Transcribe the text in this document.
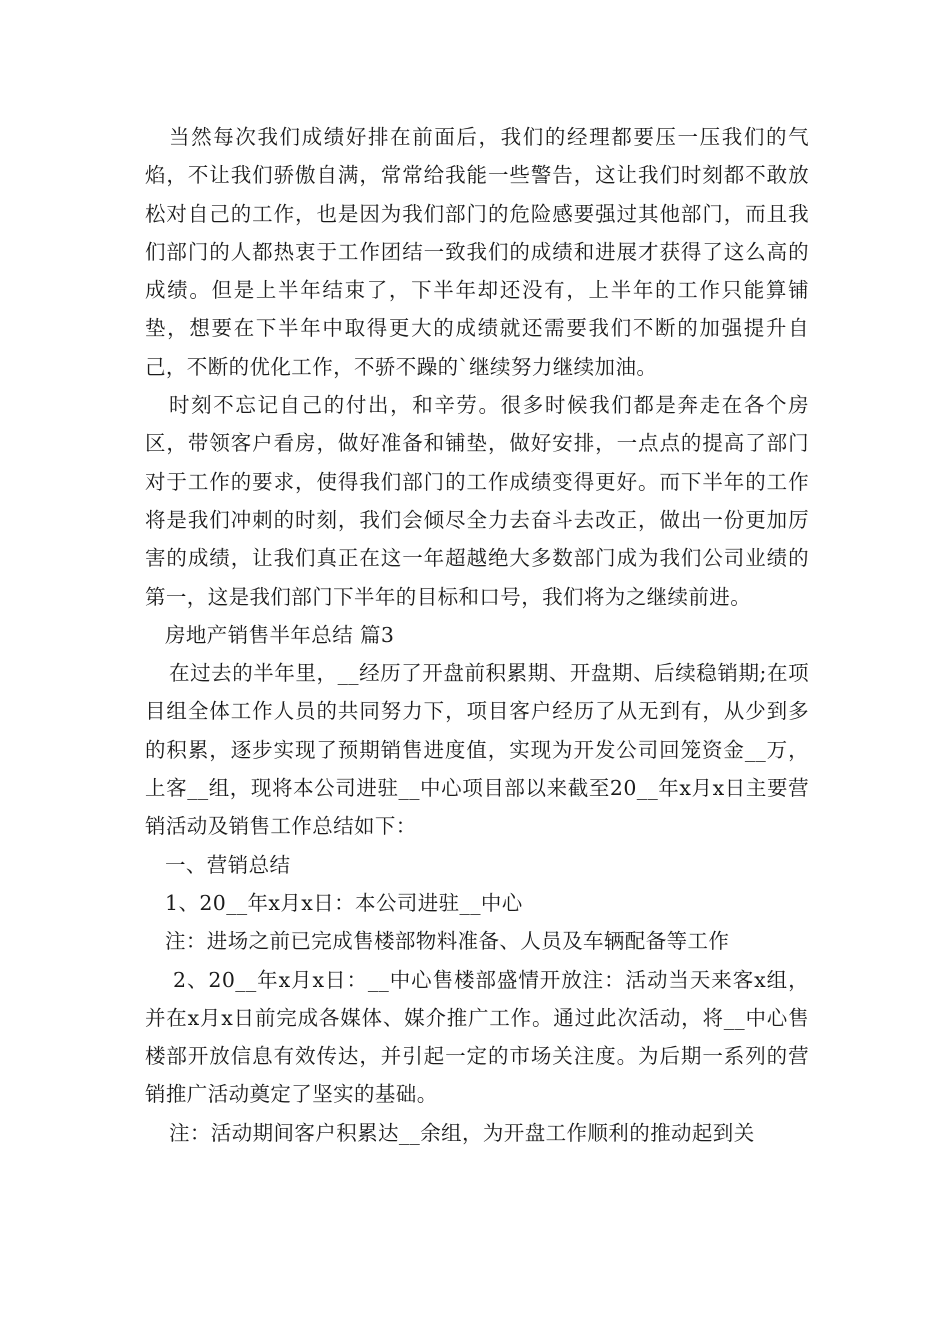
当然每次我们成绩好排在前面后，我们的经理都要压一压我们的气焰，不让我们骄傲自满，常常给我能一些警告，这让我们时刻都不敢放松对自己的工作，也是因为我们部门的危险感要强过其他部门，而且我们部门的人都热衷于工作团结一致我们的成绩和进展才获得了这么高的成绩。但是上半年结束了，下半年却还没有，上半年的工作只能算铺垫，想要在下半年中取得更大的成绩就还需要我们不断的加强提升自己，不断的优化工作，不骄不躁的`继续努力继续加油。

时刻不忘记自己的付出，和辛劳。很多时候我们都是奔走在各个房区，带领客户看房，做好准备和铺垫，做好安排，一点点的提高了部门对于工作的要求，使得我们部门的工作成绩变得更好。而下半年的工作将是我们冲刺的时刻，我们会倾尽全力去奋斗去改正，做出一份更加厉害的成绩，让我们真正在这一年超越绝大多数部门成为我们公司业绩的第一，这是我们部门下半年的目标和口号，我们将为之继续前进。

房地产销售半年总结 篇3

在过去的半年里，__经历了开盘前积累期、开盘期、后续稳销期;在项目组全体工作人员的共同努力下，项目客户经历了从无到有，从少到多的积累，逐步实现了预期销售进度值，实现为开发公司回笼资金__万，上客__组，现将本公司进驻__中心项目部以来截至20__年x月x日主要营销活动及销售工作总结如下：

一、营销总结

1、20__年x月x日：本公司进驻__中心

注：进场之前已完成售楼部物料准备、人员及车辆配备等工作

2、20__年x月x日：__中心售楼部盛情开放注：活动当天来客x组，并在x月x日前完成各媒体、媒介推广工作。通过此次活动，将__中心售楼部开放信息有效传达，并引起一定的市场关注度。为后期一系列的营销推广活动奠定了坚实的基础。

注：活动期间客户积累达__余组，为开盘工作顺利的推动起到关
